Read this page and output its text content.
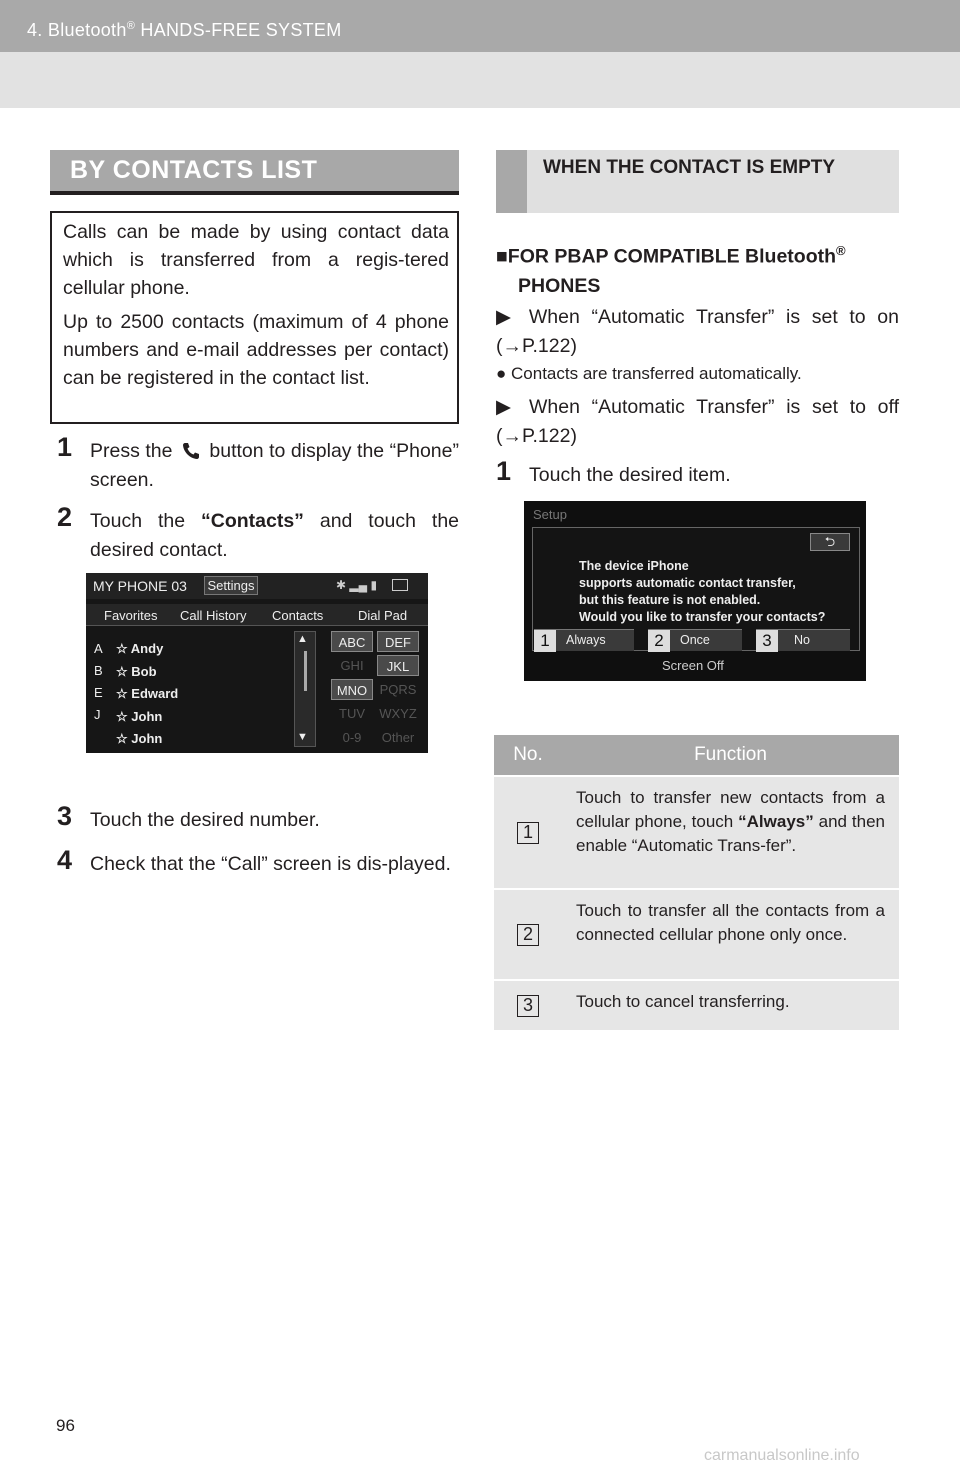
4. Bluetooth® HANDS-FREE SYSTEM
BY CONTACTS LIST

Calls can be made by using contact data which is transferred from a regis-tered cellular phone.

Up to 2500 contacts (maximum of 4 phone numbers and e-mail addresses per contact) can be registered in the contact list.

1 Press the button to display the “Phone” screen.
2 Touch the “Contacts” and touch the desired contact.
MY PHONE 03 Settings	✱ ▂▄ ▮
Favorites Call History Contacts	Dial Pad
A
B
E
J
☆ Andy
☆ Bob
☆ Edward
☆ John
☆ John
▲
▼
ABC	DEF
GHI	JKL
MNO PQRS
TUV	WXYZ
0-9	Other
3 Touch the desired number.
4 Check that the “Call” screen is dis-played.
WHEN THE CONTACT IS EMPTY
■FOR PBAP COMPATIBLE Bluetooth®
PHONES
▶ When “Automatic Transfer” is set to on (→P.122)
● Contacts are transferred automatically.
▶ When “Automatic Transfer” is set to off (→P.122)
1 Touch the desired item.
Setup
⮌
The device iPhone
supports automatic contact transfer,
but this feature is not enabled.
Would you like to transfer your contacts?
1	Always	2	Once	3	No
Screen Off
No.	Function
1	Touch to transfer new contacts from a cellular phone, touch “Always” and then enable “Automatic Trans-fer”.
2	Touch to transfer all the contacts from a connected cellular phone only once.
3	Touch to cancel transferring.
96
carmanualsonline.info
